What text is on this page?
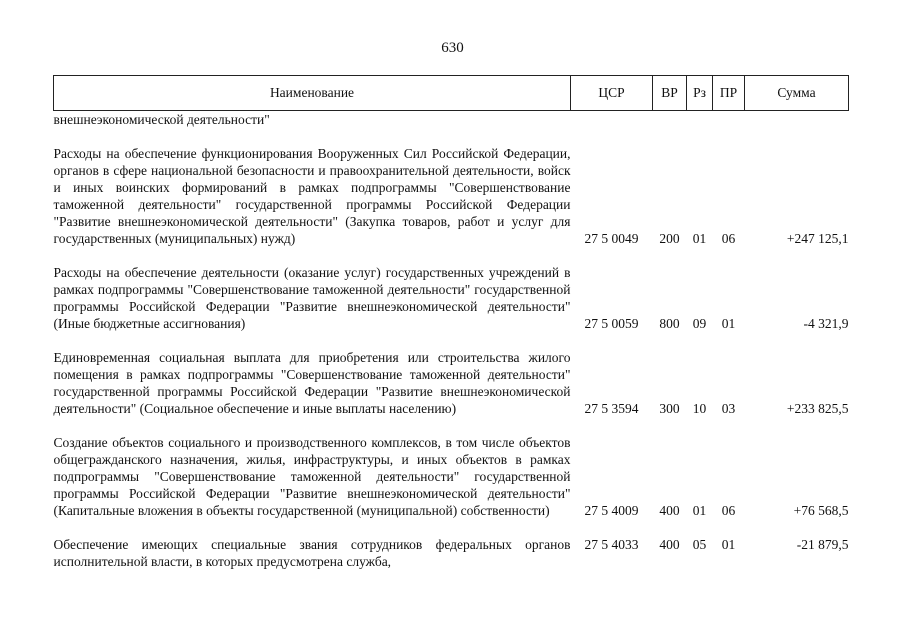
630
Наименование	ЦСР	ВР	Рз	ПР	Сумма
внешнеэкономической деятельности"					

Расходы на обеспечение функционирования Вооруженных Сил Российской Федерации, органов в сфере национальной безопасности и правоохранительной деятельности, войск и иных воинских формирований в рамках подпрограммы "Совершенствование таможенной деятельности" государственной программы Российской Федерации "Развитие внешнеэкономической деятельности" (Закупка товаров, работ и услуг для государственных (муниципальных) нужд)	27 5 0049	200	01	06	+247 125,1

Расходы на обеспечение деятельности (оказание услуг) государственных учреждений в рамках подпрограммы "Совершенствование таможенной деятельности" государственной программы Российской Федерации "Развитие внешнеэкономической деятельности" (Иные бюджетные ассигнования)	27 5 0059	800	09	01	-4 321,9

Единовременная социальная выплата для приобретения или строительства жилого помещения в рамках подпрограммы "Совершенствование таможенной деятельности" государственной программы Российской Федерации "Развитие внешнеэкономической деятельности" (Социальное обеспечение и иные выплаты населению)	27 5 3594	300	10	03	+233 825,5

Создание объектов социального и производственного комплексов, в том числе объектов общегражданского назначения, жилья, инфраструктуры, и иных объектов в рамках подпрограммы "Совершенствование таможенной деятельности" государственной программы Российской Федерации "Развитие внешнеэкономической деятельности" (Капитальные вложения в объекты государственной (муниципальной) собственности)	27 5 4009	400	01	06	+76 568,5

Обеспечение имеющих специальные звания сотрудников федеральных органов исполнительной власти, в которых предусмотрена служба,	27 5 4033	400	05	01	-21 879,5
